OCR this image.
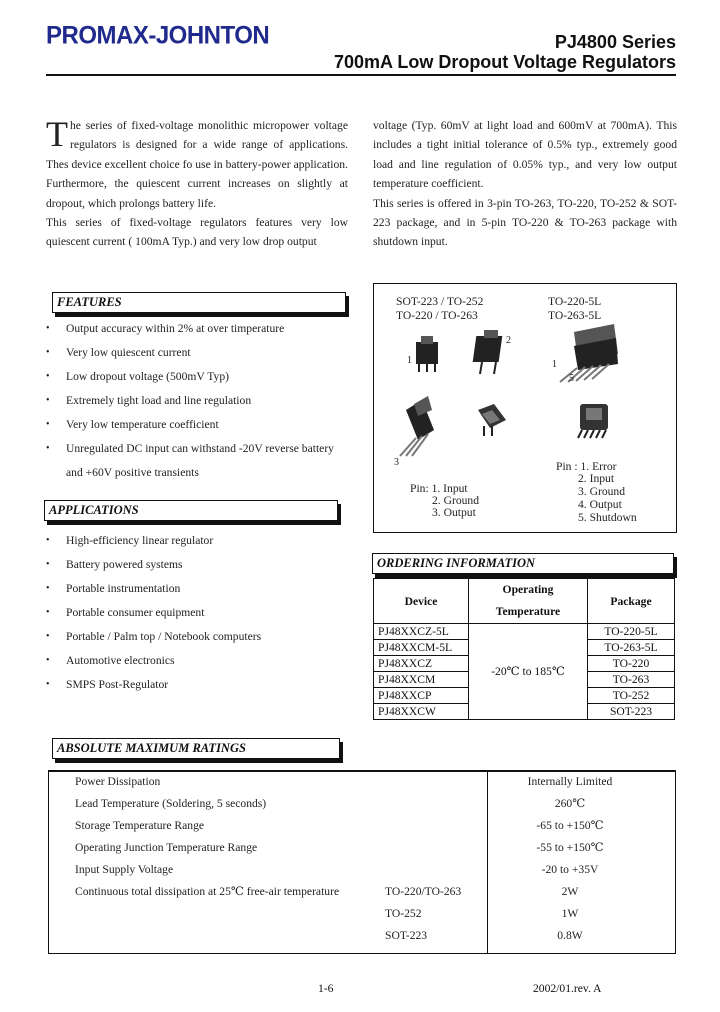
PROMAX-JOHNTON	PJ4800 Series
700mA Low Dropout Voltage Regulators
The series of fixed-voltage monolithic micropower voltage regulators is designed for a wide range of applications. Thes device excellent choice fo use in battery-power application. Furthermore, the quiescent current increases on slightly at dropout, which prolongs battery life.
This series of fixed-voltage regulators features very low quiescent current ( 100mA Typ.) and very low drop output
voltage (Typ. 60mV at light load and 600mV at 700mA). This includes a tight initial tolerance of 0.5% typ., extremely good load and line regulation of 0.05% typ., and very low output temperature coefficient.
This series is offered in 3-pin TO-263, TO-220, TO-252 & SOT-223 package, and in 5-pin TO-220 & TO-263 package with shutdown input.
FEATURES
• Output accuracy within 2% at over timperature
• Very low quiescent current
• Low dropout voltage (500mV Typ)
• Extremely tight load and line regulation
• Very low temperature coefficient
• Unregulated DC input can withstand -20V reverse battery
and +60V positive transients
APPLICATIONS
• High-efficiency linear regulator
• Battery powered systems
• Portable instrumentation
• Portable consumer equipment
• Portable / Palm top / Notebook computers
• Automotive electronics
• SMPS Post-Regulator
SOT-223 / TO-252
TO-220 / TO-263
TO-220-5L
TO-263-5L
1
2
1
5
3
Pin: 1. Input
2. Ground
3. Output
Pin : 1. Error
2. Input
3. Ground
4. Output
5. Shutdown
ORDERING INFORMATION
Device	Operating	Package
	Temperature	
PJ48XXCZ-5L	-20℃ to 185℃	TO-220-5L
PJ48XXCM-5L		TO-263-5L
PJ48XXCZ		TO-220
PJ48XXCM		TO-263
PJ48XXCP		TO-252
PJ48XXCW		SOT-223
ABSOLUTE MAXIMUM RATINGS
Power Dissipation		Internally Limited
Lead Temperature (Soldering, 5 seconds)		260℃
Storage Temperature Range		-65 to +150℃
Operating Junction Temperature Range		-55 to +150℃
Input Supply Voltage		-20 to +35V
Continuous total dissipation at 25℃ free-air temperature	TO-220/TO-263	2W
	TO-252	1W
	SOT-223	0.8W
1-6	2002/01.rev. A
